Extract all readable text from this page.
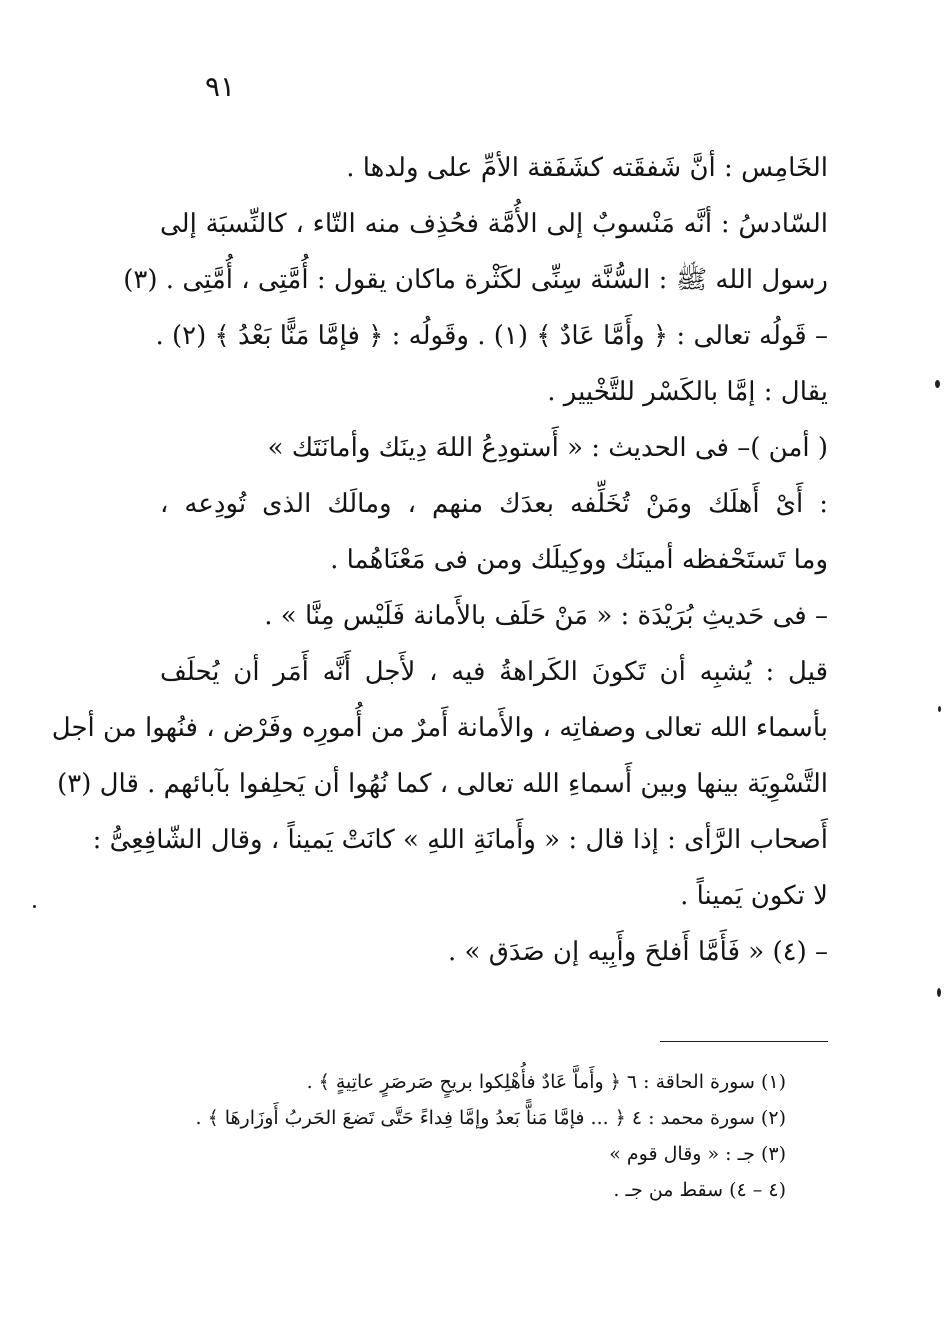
٩١
الخَامِس : أنَّ شَفقَته كشَفَقة الأمِّ على ولدها .
السّادسُ : أنَّه مَنْسوبٌ إلى الأُمَّة فحُذِف منه التّاء ، كالنِّسبَة إلى
رسول الله ﷺ : السُّنَّة سِنِّى لكَثْرة ماكان يقول : أُمَّتِى ، أُمَّتِى . (٣)
– قَولُه تعالى : ﴿ وأَمَّا عَادٌ ﴾ (١) . وقَولُه : ﴿ فإمَّا مَنًّا بَعْدُ ﴾ (٢) .
يقال : إمَّا بالكَسْر للتَّخْيير .
( أمن )– فى الحديث : « أَستودِعُ اللهَ دِينَك وأمانَتَك »
: أَىْ أَهلَك ومَنْ تُخَلِّفه بعدَك منهم ، ومالَك الذى تُودِعه ،
وما تَستَحْفظه أمينَك ووكِيلَك ومن فى مَعْنَاهُما .
– فى حَديثِ بُرَيْدَة : « مَنْ حَلَف بالأَمانة فَلَيْس مِنَّا » .
قيل : يُشبِه أن تَكونَ الكَراهةُ فيه ، لأَجل أَنَّه أَمَر أن يُحلَف
بأسماء الله تعالى وصفاتِه ، والأَمانة أَمرٌ من أُمورِه وفَرْض ، فنُهوا من أجل
التَّسْوِيَة بينها وبين أَسماءِ الله تعالى ، كما نُهُوا أن يَحلِفوا بآبائهم . قال (٣)
أَصحاب الرَّأى : إذا قال : « وأَمانَةِ اللهِ » كانَتْ يَميناً ، وقال الشّافِعِىُّ :
لا تكون يَميناً .
– (٤) « فَأَمَّا أَفلحَ وأَبِيه إن صَدَق » .
(١) سورة الحاقة : ٦ ﴿ وأَماَّ عَادٌ فأُهْلِكوا بريحٍ صَرصَرٍ عاتِيةٍ ﴾ .
(٢) سورة محمد : ٤ ﴿ ... فإمَّا مَناًّ بَعدُ وإمَّا فِداءً حَتَّى تَضعَ الحَربُ أَوزَارهَا ﴾ .
(٣) جـ : « وقال قوم »
(٤ – ٤) سقط من جـ .
